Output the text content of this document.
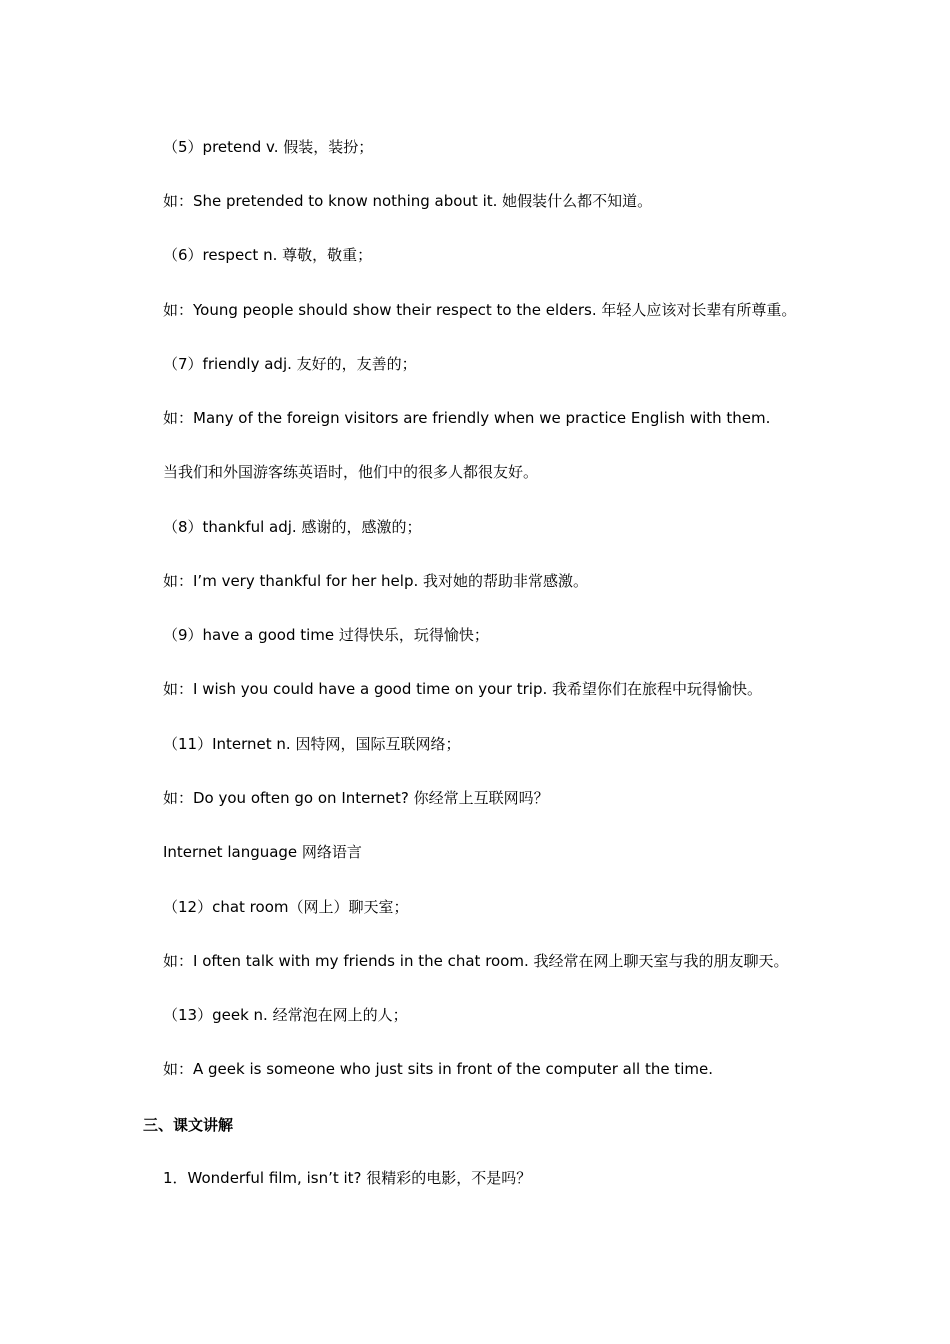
（5）pretend v. 假装，装扮；
如：She pretended to know nothing about it. 她假装什么都不知道。
（6）respect n. 尊敬，敬重；
如：Young people should show their respect to the elders. 年轻人应该对长辈有所尊重。
（7）friendly adj. 友好的，友善的；
如：Many of the foreign visitors are friendly when we practice English with them.
当我们和外国游客练英语时，他们中的很多人都很友好。
（8）thankful adj. 感谢的，感激的；
如：I’m very thankful for her help. 我对她的帮助非常感激。
（9）have a good time 过得快乐，玩得愉快；
如：I wish you could have a good time on your trip. 我希望你们在旅程中玩得愉快。
（11）Internet n. 因特网，国际互联网络；
如：Do you often go on Internet? 你经常上互联网吗？
Internet language 网络语言
（12）chat room（网上）聊天室；
如：I often talk with my friends in the chat room. 我经常在网上聊天室与我的朋友聊天。
（13）geek n. 经常泡在网上的人；
如：A geek is someone who just sits in front of the computer all the time.
三、课文讲解
1．Wonderful film, isn’t it? 很精彩的电影，不是吗？
